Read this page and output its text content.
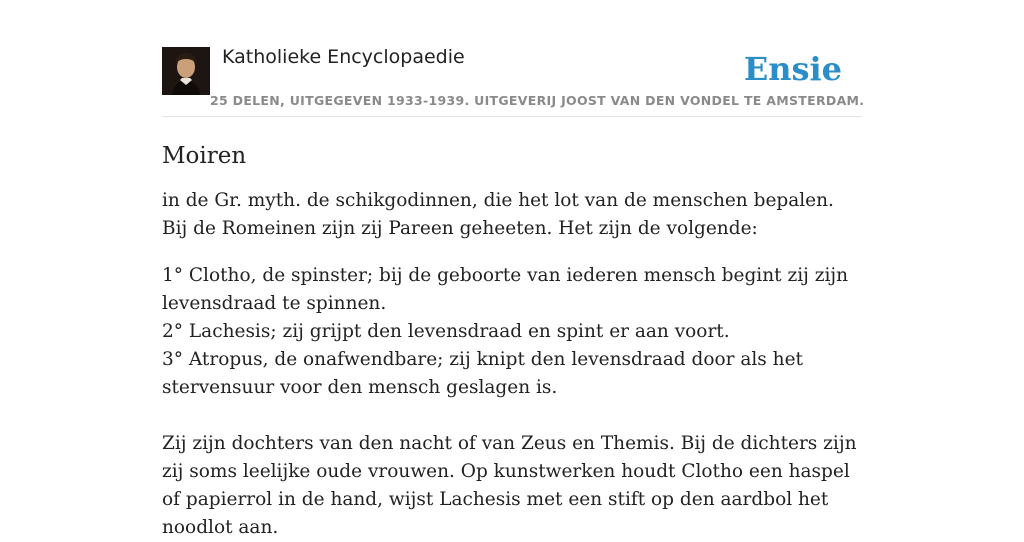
Katholieke Encyclopaedie
25 DELEN, UITGEGEVEN 1933-1939. UITGEVERIJ JOOST VAN DEN VONDEL TE AMSTERDAM.
Ensie
Moiren

in de Gr. myth. de schikgodinnen, die het lot van de menschen bepalen. Bij de Romeinen zijn zij Pareen geheeten. Het zijn de volgende:

1° Clotho, de spinster; bij de geboorte van iederen mensch begint zij zijn levensdraad te spinnen.

2° Lachesis; zij grijpt den levensdraad en spint er aan voort.

3° Atropus, de onafwendbare; zij knipt den levensdraad door als het stervensuur voor den mensch geslagen is.

Zij zijn dochters van den nacht of van Zeus en Themis. Bij de dichters zijn zij soms leelijke oude vrouwen. Op kunstwerken houdt Clotho een haspel of papierrol in de hand, wijst Lachesis met een stift op den aardbol het noodlot aan.
